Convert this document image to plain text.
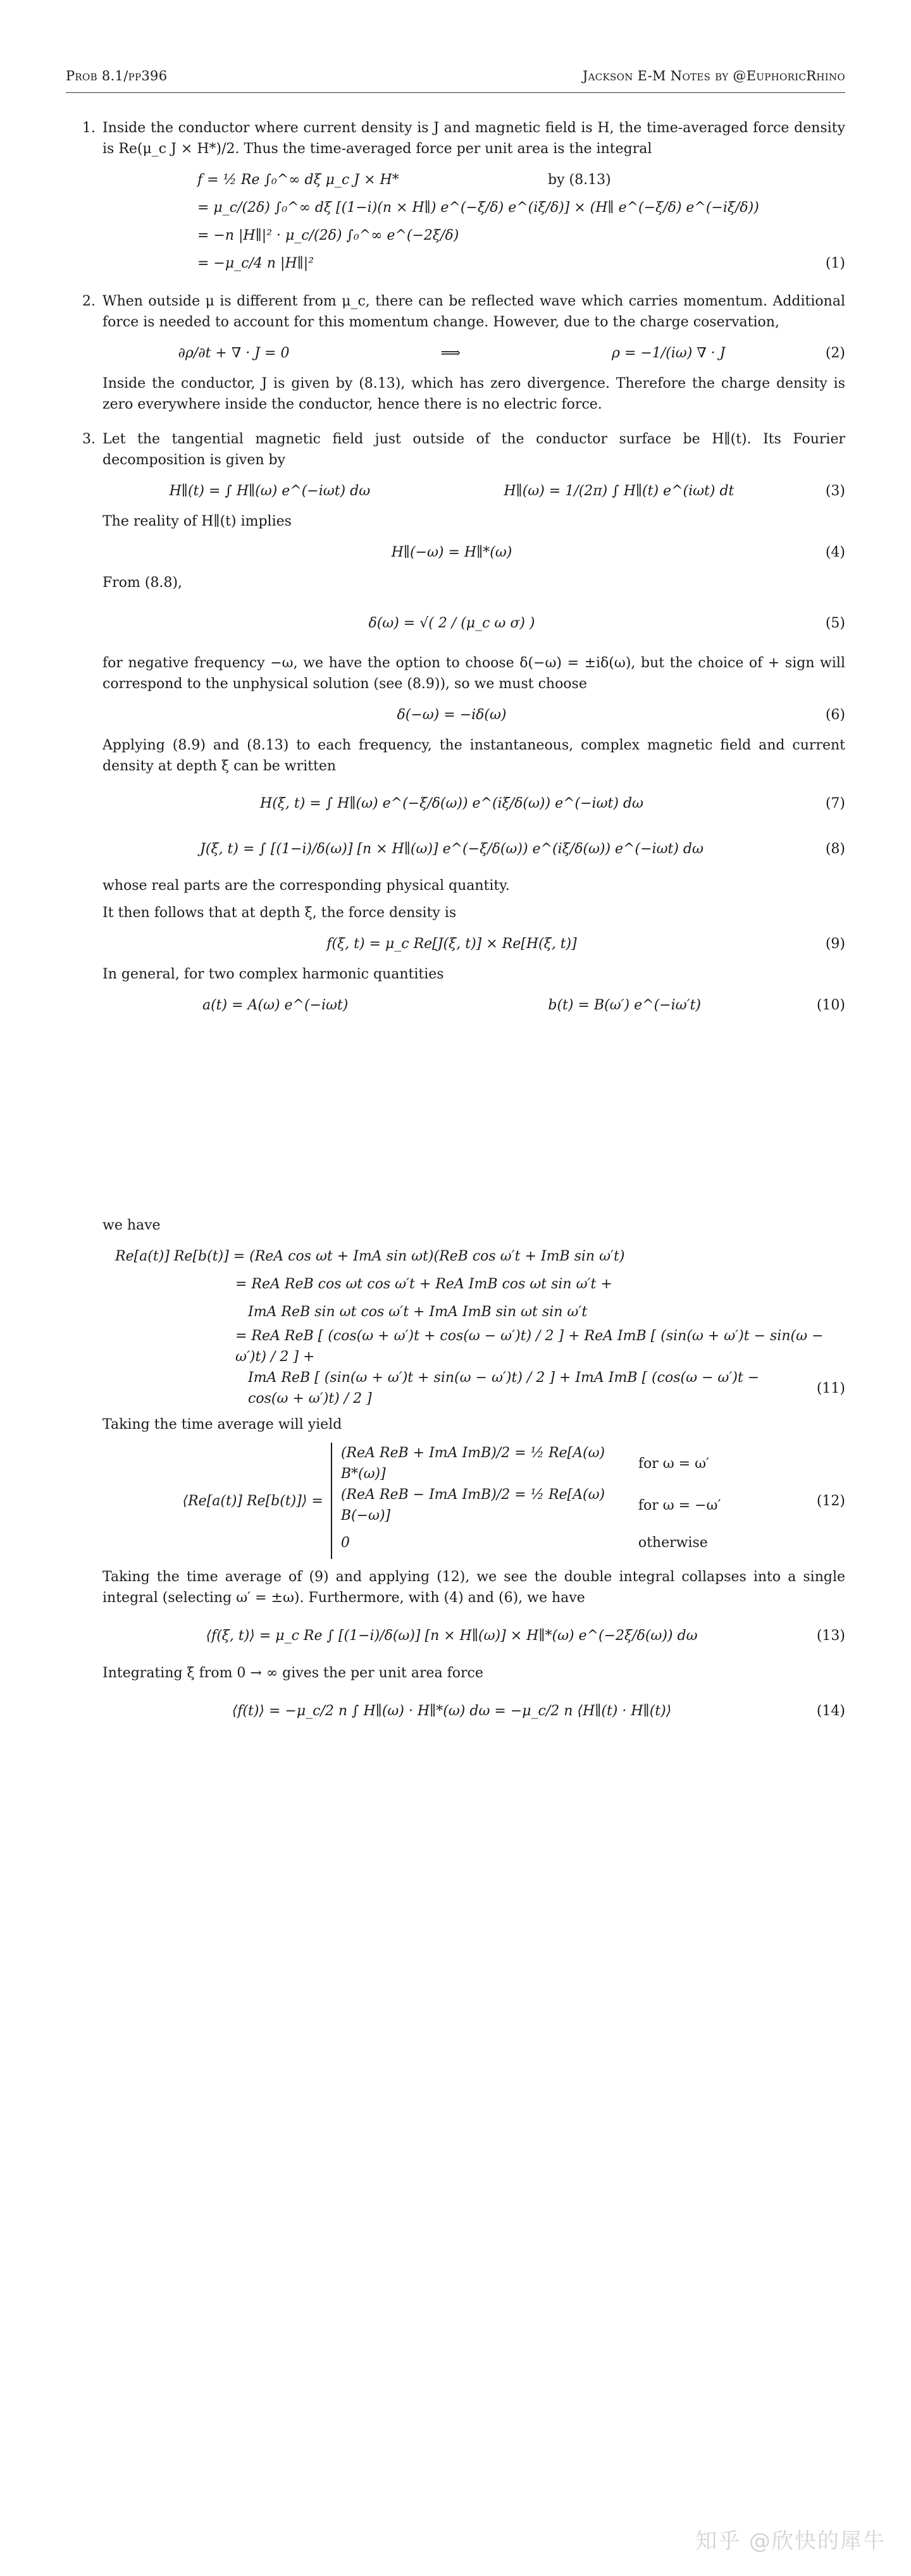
Prob 8.1/pp396	Jackson E-M Notes by @EuphoricRhino
1. Inside the conductor where current density is J and magnetic field is H, the time-averaged force density is Re(μ_c J × H*)/2. Thus the time-averaged force per unit area is the integral

f = ½ Re ∫₀^∞ dξ μ_c J × H*	by (8.13)
= μ_c/(2δ) ∫₀^∞ dξ [(1−i)(n × H∥) e^(−ξ/δ) e^(iξ/δ)] × (H∥ e^(−ξ/δ) e^(−iξ/δ))
= −n |H∥|² · μ_c/(2δ) ∫₀^∞ e^(−2ξ/δ)
= −μ_c/4 n |H∥|²	(1)
2. When outside μ is different from μ_c, there can be reflected wave which carries momentum. Additional force is needed to account for this momentum change. However, due to the charge coservation,

∂ρ/∂t + ∇ · J = 0	⟹	ρ = −1/(iω) ∇ · J	(2)

Inside the conductor, J is given by (8.13), which has zero divergence. Therefore the charge density is zero everywhere inside the conductor, hence there is no electric force.

3. Let the tangential magnetic field just outside of the conductor surface be H∥(t). Its Fourier decomposition is given by

H∥(t) = ∫ H∥(ω) e^(−iωt) dω	H∥(ω) = 1/(2π) ∫ H∥(t) e^(iωt) dt	(3)

The reality of H∥(t) implies

H∥(−ω) = H∥*(ω)	(4)

From (8.8),

δ(ω) = √( 2 / (μ_c ω σ) )	(5)

for negative frequency −ω, we have the option to choose δ(−ω) = ±iδ(ω), but the choice of + sign will correspond to the unphysical solution (see (8.9)), so we must choose

δ(−ω) = −iδ(ω)	(6)

Applying (8.9) and (8.13) to each frequency, the instantaneous, complex magnetic field and current density at depth ξ can be written

H(ξ, t) = ∫ H∥(ω) e^(−ξ/δ(ω)) e^(iξ/δ(ω)) e^(−iωt) dω	(7)
J(ξ, t) = ∫ [(1−i)/δ(ω)] [n × H∥(ω)] e^(−ξ/δ(ω)) e^(iξ/δ(ω)) e^(−iωt) dω	(8)

whose real parts are the corresponding physical quantity.

It then follows that at depth ξ, the force density is

f(ξ, t) = μ_c Re[J(ξ, t)] × Re[H(ξ, t)]	(9)

In general, for two complex harmonic quantities

a(t) = A(ω) e^(−iωt)	b(t) = B(ω′) e^(−iω′t)	(10)

we have

Re[a(t)] Re[b(t)] = (ReA cos ωt + ImA sin ωt)(ReB cos ω′t + ImB sin ω′t)
= ReA ReB cos ωt cos ω′t + ReA ImB cos ωt sin ω′t +
ImA ReB sin ωt cos ω′t + ImA ImB sin ωt sin ω′t
= ReA ReB [ (cos(ω + ω′)t + cos(ω − ω′)t) / 2 ] + ReA ImB [ (sin(ω + ω′)t − sin(ω − ω′)t) / 2 ] +
ImA ReB [ (sin(ω + ω′)t + sin(ω − ω′)t) / 2 ] + ImA ImB [ (cos(ω − ω′)t − cos(ω + ω′)t) / 2 ]
(11)

Taking the time average will yield

⟨Re[a(t)] Re[b(t)]⟩ =
(ReA ReB + ImA ImB)/2 = ½ Re[A(ω) B*(ω)]
for ω = ω′
(ReA ReB − ImA ImB)/2 = ½ Re[A(ω) B(−ω)]
for ω = −ω′
0	otherwise
(12)

Taking the time average of (9) and applying (12), we see the double integral collapses into a single integral (selecting ω′ = ±ω). Furthermore, with (4) and (6), we have

⟨f(ξ, t)⟩ = μ_c Re ∫ [(1−i)/δ(ω)] [n × H∥(ω)] × H∥*(ω) e^(−2ξ/δ(ω)) dω	(13)

Integrating ξ from 0 → ∞ gives the per unit area force

⟨f(t)⟩ = −μ_c/2 n ∫ H∥(ω) · H∥*(ω) dω = −μ_c/2 n ⟨H∥(t) · H∥(t)⟩	(14)
知乎 @欣快的犀牛
